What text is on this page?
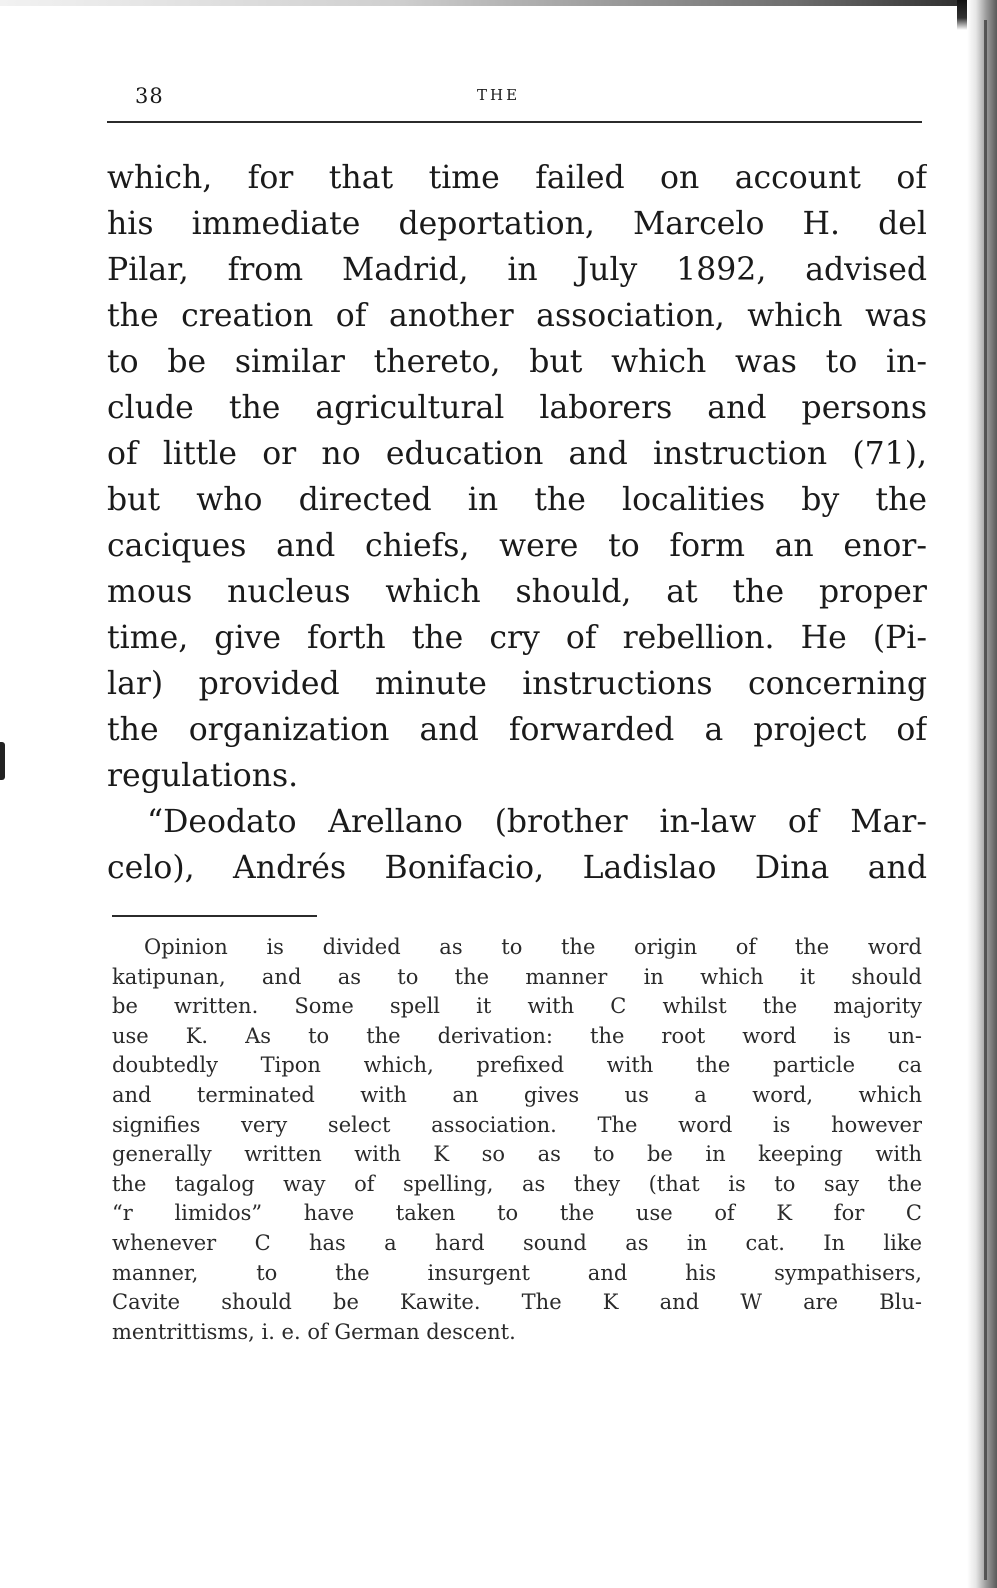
38	THE
which, for that time failed on account of
his immediate deportation, Marcelo H. del
Pilar, from Madrid, in July 1892, advised
the creation of another association, which was
to be similar thereto, but which was to in-
clude the agricultural laborers and persons
of little or no education and instruction (71),
but who directed in the localities by the
caciques and chiefs, were to form an enor-
mous nucleus which should, at the proper
time, give forth the cry of rebellion. He (Pi-
lar) provided minute instructions concerning
the organization and forwarded a project of
regulations.
“Deodato Arellano (brother in-law of Mar-
celo), Andrés Bonifacio, Ladislao Dina and
Opinion is divided as to the origin of the word
katipunan, and as to the manner in which it should
be written. Some spell it with C whilst the majority
use K. As to the derivation: the root word is un-
doubtedly Tipon which, prefixed with the particle ca
and terminated with an gives us a word, which
signifies very select association. The word is however
generally written with K so as to be in keeping with
the tagalog way of spelling, as they (that is to say the
“r limidos” have taken to the use of K for C
whenever C has a hard sound as in cat. In like
manner, to the insurgent and his sympathisers,
Cavite should be Kawite. The K and W are Blu-
mentrittisms, i. e. of German descent.
